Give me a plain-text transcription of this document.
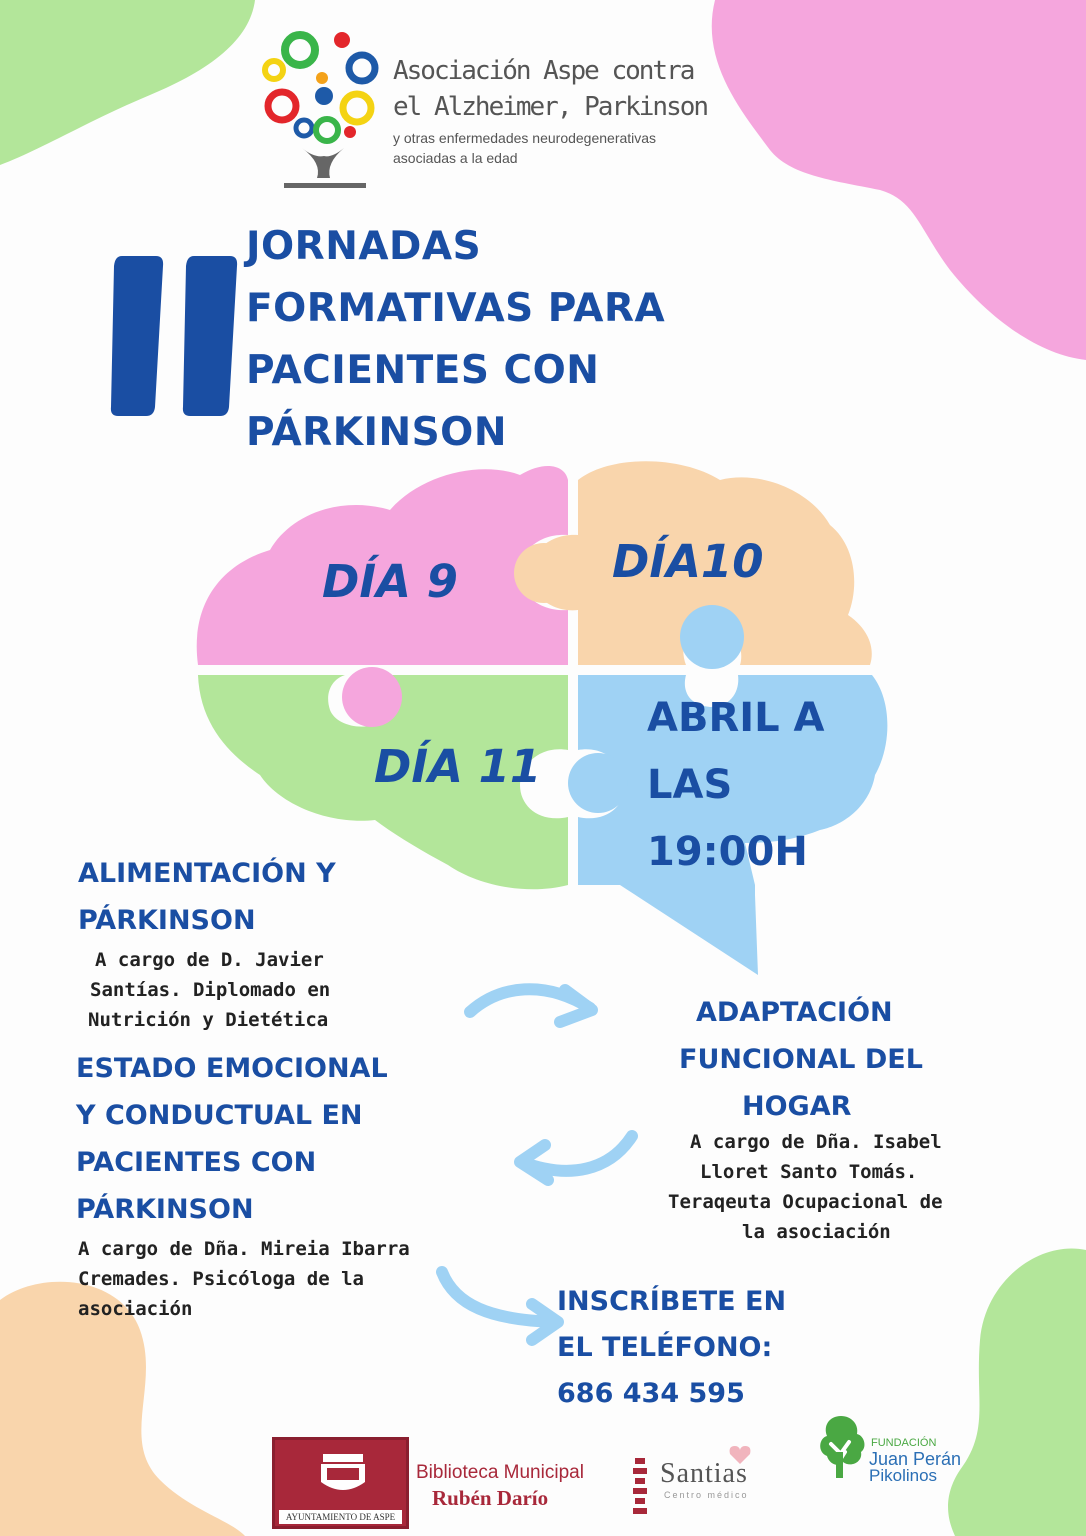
Asociación Aspe contra
el Alzheimer, Parkinson
y otras enfermedades neurodegenerativas
asociadas a la edad
JORNADAS
FORMATIVAS PARA
PACIENTES CON
PÁRKINSON
DÍA 9	DÍA10
DÍA 11
ABRIL A
LAS
19:00H
ALIMENTACIÓN Y
PÁRKINSON
A cargo de D. Javier
Santías. Diplomado en
Nutrición y Dietética	ADAPTACIÓN
FUNCIONAL DEL
HOGAR
A cargo de Dña. Isabel
Lloret Santo Tomás.
Teraqeuta Ocupacional de
la asociación
ESTADO EMOCIONAL
Y CONDUCTUAL EN
PACIENTES CON
PÁRKINSON
A cargo de Dña. Mireia Ibarra
Cremades. Psicóloga de la
asociación	INSCRÍBETE EN
EL TELÉFONO:
686 434 595
AYUNTAMIENTO DE ASPE
Biblioteca Municipal
Rubén Darío
Santias
Centro médico
FUNDACIÓN
Juan Perán
Pikolinos
